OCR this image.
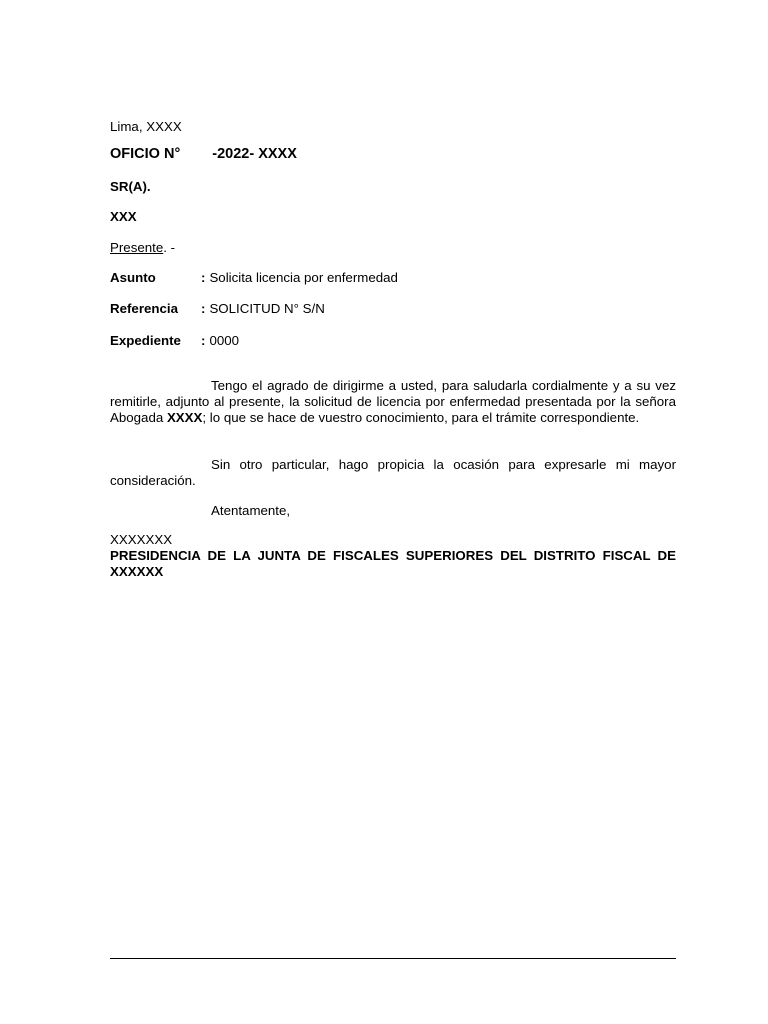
Lima, XXXX
OFICIO N° -2022- XXXX
SR(A).
XXX
Presente. -
Asunto	: Solicita licencia por enfermedad
Referencia : SOLICITUD N° S/N
Expediente : 0000
Tengo el agrado de dirigirme a usted, para saludarla cordialmente y a su vez remitirle, adjunto al presente, la solicitud de licencia por enfermedad presentada por la señora Abogada XXXX; lo que se hace de vuestro conocimiento, para el trámite correspondiente.
Sin otro particular, hago propicia la ocasión para expresarle mi mayor consideración.
Atentamente,
XXXXXXX
PRESIDENCIA DE LA JUNTA DE FISCALES SUPERIORES DEL DISTRITO FISCAL DE XXXXXX
